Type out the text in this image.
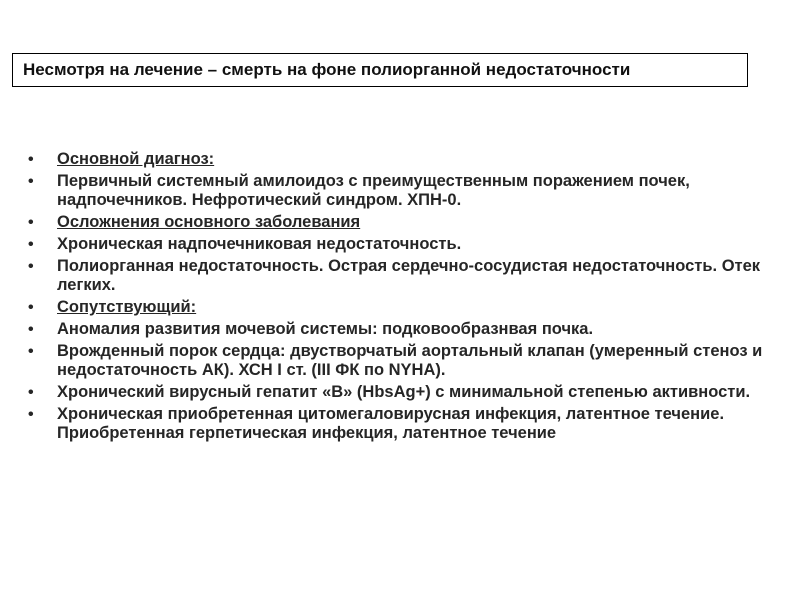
Несмотря на лечение – смерть на фоне полиорганной недостаточности
• Основной диагноз:
• Первичный системный амилоидоз с преимущественным поражением почек, надпочечников. Нефротический синдром. ХПН-0.
• Осложнения основного заболевания
• Хроническая надпочечниковая недостаточность.
• Полиорганная недостаточность. Острая сердечно-сосудистая недостаточность. Отек легких.
• Сопутствующий:
• Аномалия развития мочевой системы: подковообразнвая почка.
• Врожденный порок сердца: двустворчатый аортальный клапан (умеренный стеноз и недостаточность АК). ХСН I ст. (III ФК по NYHA).
• Хронический вирусный гепатит «В» (HbsAg+) с минимальной степенью активности.
• Хроническая приобретенная цитомегаловирусная инфекция, латентное течение. Приобретенная герпетическая инфекция, латентное течение
